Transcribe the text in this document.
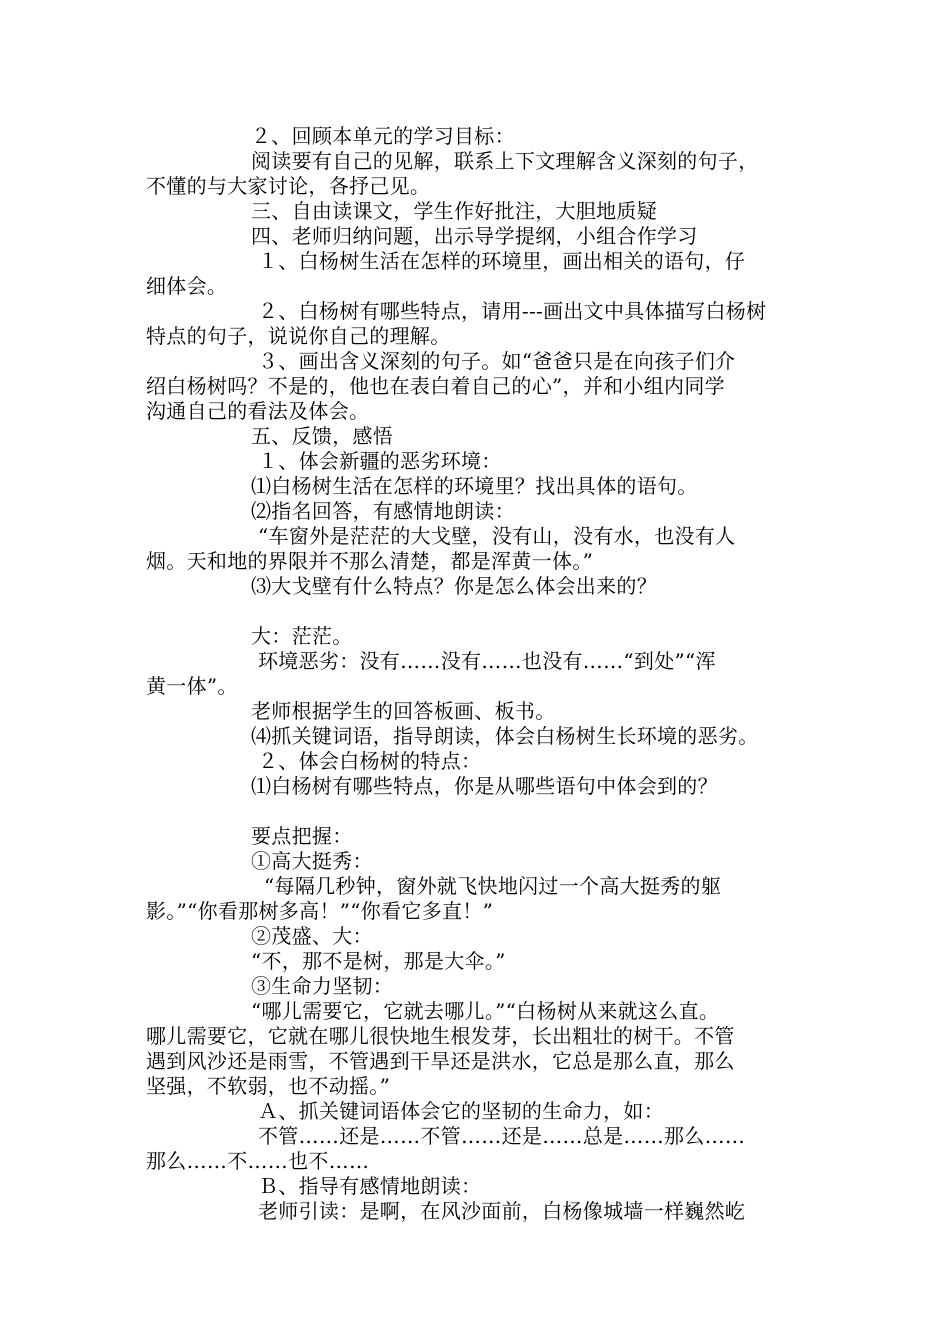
２、回顾本单元的学习目标：
阅读要有自己的见解，联系上下文理解含义深刻的句子，
不懂的与大家讨论，各抒己见。
三、自由读课文，学生作好批注，大胆地质疑
四、老师归纳问题，出示导学提纲，小组合作学习
１、白杨树生活在怎样的环境里，画出相关的语句，仔
细体会。
２、白杨树有哪些特点，请用---画出文中具体描写白杨树
特点的句子，说说你自己的理解。
３、画出含义深刻的句子。如“爸爸只是在向孩子们介
绍白杨树吗？不是的，他也在表白着自己的心”，并和小组内同学
沟通自己的看法及体会。
五、反馈，感悟
１、体会新疆的恶劣环境：
⑴白杨树生活在怎样的环境里？找出具体的语句。
⑵指名回答，有感情地朗读：
“车窗外是茫茫的大戈壁，没有山，没有水，也没有人
烟。天和地的界限并不那么清楚，都是浑黄一体。”
⑶大戈壁有什么特点？你是怎么体会出来的？
大：茫茫。
环境恶劣：没有……没有……也没有……“到处”“浑
黄一体”。
老师根据学生的回答板画、板书。
⑷抓关键词语，指导朗读，体会白杨树生长环境的恶劣。
２、体会白杨树的特点：
⑴白杨树有哪些特点，你是从哪些语句中体会到的？
要点把握：
①高大挺秀：
“每隔几秒钟，窗外就飞快地闪过一个高大挺秀的躯
影。”“你看那树多高！”“你看它多直！”
②茂盛、大：
“不，那不是树，那是大伞。”
③生命力坚韧：
“哪儿需要它，它就去哪儿。”“白杨树从来就这么直。
哪儿需要它，它就在哪儿很快地生根发芽，长出粗壮的树干。不管
遇到风沙还是雨雪，不管遇到干旱还是洪水，它总是那么直，那么
坚强，不软弱，也不动摇。”
Ａ、抓关键词语体会它的坚韧的生命力，如：
不管……还是……不管……还是……总是……那么……
那么……不……也不……
Ｂ、指导有感情地朗读：
老师引读：是啊，在风沙面前，白杨像城墙一样巍然屹
